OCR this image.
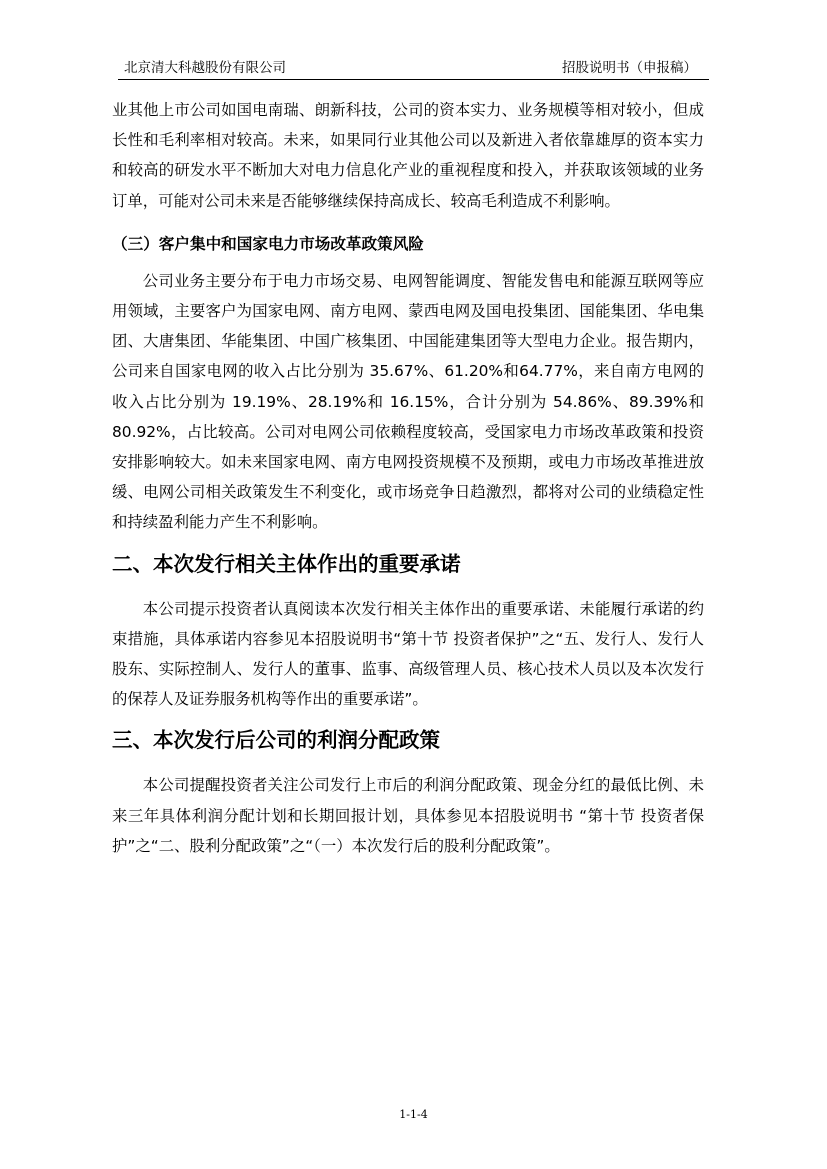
北京清大科越股份有限公司	招股说明书（申报稿）

业其他上市公司如国电南瑞、朗新科技，公司的资本实力、业务规模等相对较小，但成长性和毛利率相对较高。未来，如果同行业其他公司以及新进入者依靠雄厚的资本实力和较高的研发水平不断加大对电力信息化产业的重视程度和投入，并获取该领域的业务订单，可能对公司未来是否能够继续保持高成长、较高毛利造成不利影响。

（三）客户集中和国家电力市场改革政策风险

公司业务主要分布于电力市场交易、电网智能调度、智能发售电和能源互联网等应用领域，主要客户为国家电网、南方电网、蒙西电网及国电投集团、国能集团、华电集团、大唐集团、华能集团、中国广核集团、中国能建集团等大型电力企业。报告期内，公司来自国家电网的收入占比分别为 35.67%、61.20%和64.77%，来自南方电网的收入占比分别为 19.19%、28.19%和 16.15%，合计分别为 54.86%、89.39%和 80.92%，占比较高。公司对电网公司依赖程度较高，受国家电力市场改革政策和投资安排影响较大。如未来国家电网、南方电网投资规模不及预期，或电力市场改革推进放缓、电网公司相关政策发生不利变化，或市场竞争日趋激烈，都将对公司的业绩稳定性和持续盈利能力产生不利影响。

二、本次发行相关主体作出的重要承诺

本公司提示投资者认真阅读本次发行相关主体作出的重要承诺、未能履行承诺的约束措施，具体承诺内容参见本招股说明书“第十节 投资者保护”之“五、发行人、发行人股东、实际控制人、发行人的董事、监事、高级管理人员、核心技术人员以及本次发行的保荐人及证券服务机构等作出的重要承诺”。

三、本次发行后公司的利润分配政策

本公司提醒投资者关注公司发行上市后的利润分配政策、现金分红的最低比例、未来三年具体利润分配计划和长期回报计划，具体参见本招股说明书 “第十节 投资者保护”之“二、股利分配政策”之“（一）本次发行后的股利分配政策”。

1-1-4
